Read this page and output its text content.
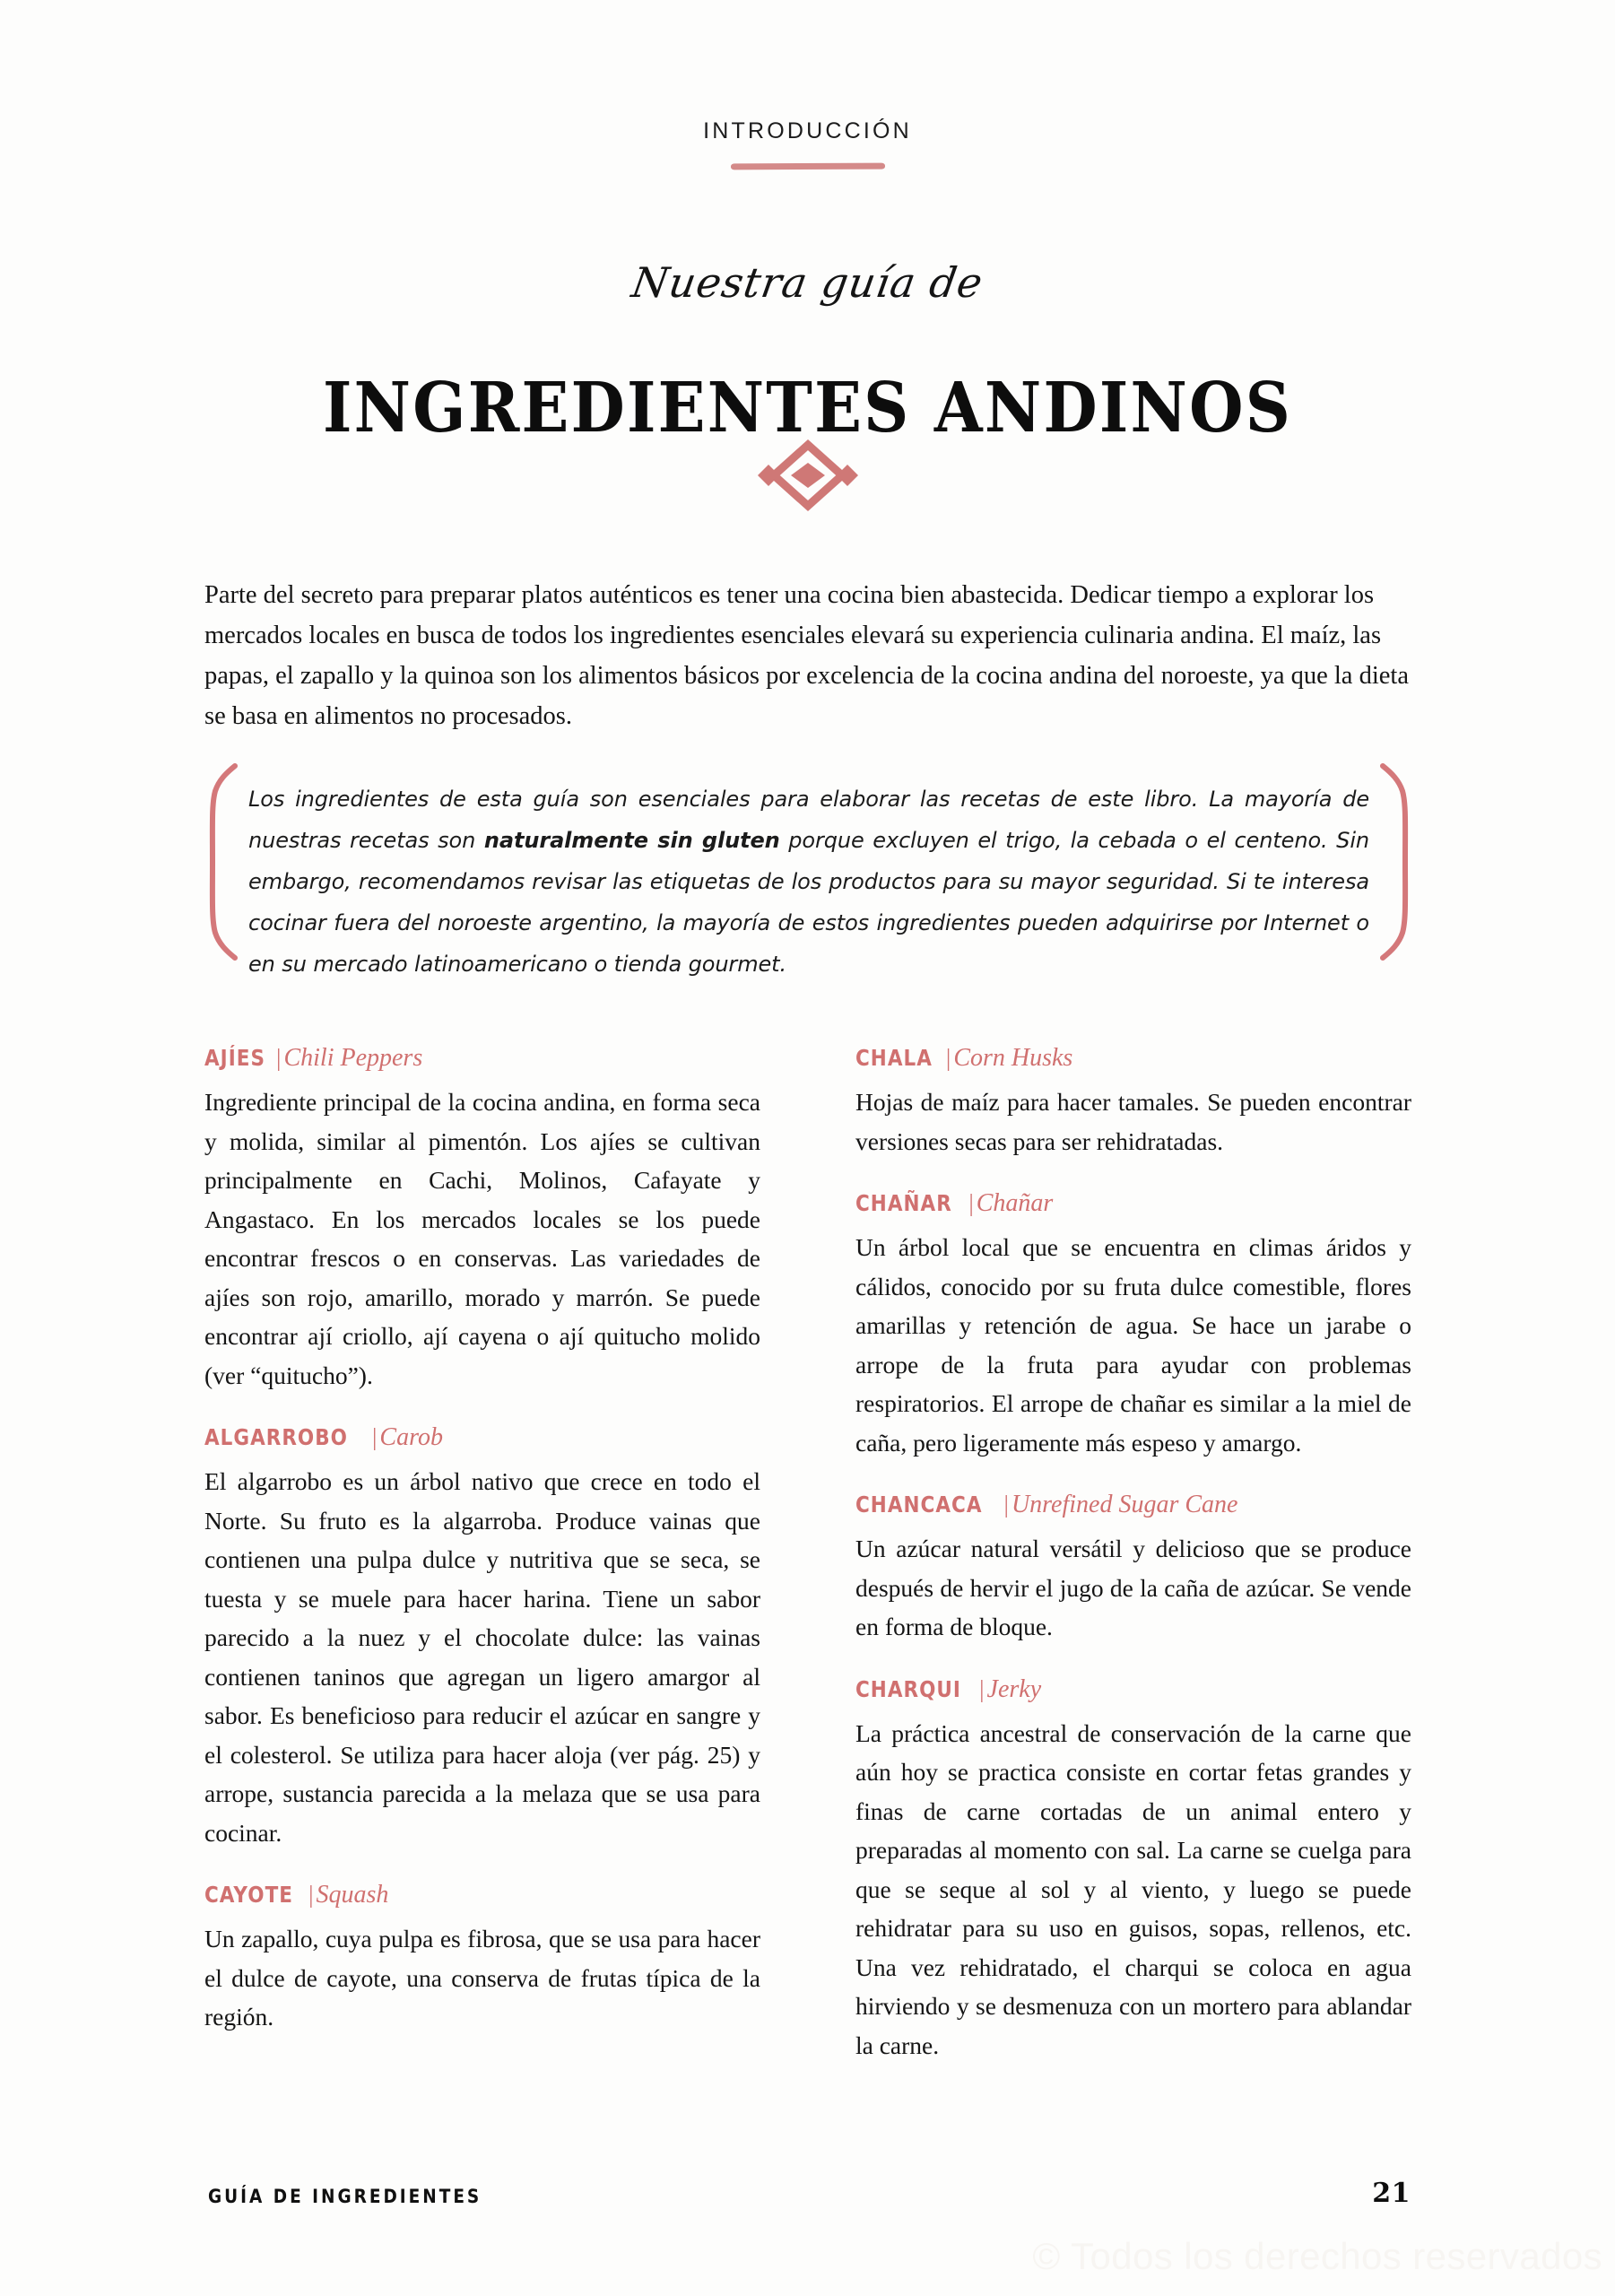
INTRODUCCIÓN
Nuestra guía de
INGREDIENTES ANDINOS

Parte del secreto para preparar platos auténticos es tener una cocina bien abastecida. Dedicar tiempo a explorar los mercados locales en busca de todos los ingredientes esenciales elevará su experiencia culinaria andina. El maíz, las papas, el zapallo y la quinoa son los alimentos básicos por excelencia de la cocina andina del noroeste, ya que la dieta se basa en alimentos no procesados.

Los ingredientes de esta guía son esenciales para elaborar las recetas de este libro. La mayoría de nuestras recetas son naturalmente sin gluten porque excluyen el trigo, la cebada o el centeno. Sin embargo, recomendamos revisar las etiquetas de los productos para su mayor seguridad. Si te interesa cocinar fuera del noroeste argentino, la mayoría de estos ingredientes pueden adquirirse por Internet o en su mercado latinoamericano o tienda gourmet.
AJÍES | Chili Peppers

Ingrediente principal de la cocina andina, en forma seca y molida, similar al pimentón. Los ajíes se cultivan principalmente en Cachi, Molinos, Cafayate y Angastaco. En los mercados locales se los puede encontrar frescos o en conservas. Las variedades de ajíes son rojo, amarillo, morado y marrón. Se puede encontrar ají criollo, ají cayena o ají quitucho molido (ver “quitucho”).

ALGARROBO | Carob

El algarrobo es un árbol nativo que crece en todo el Norte. Su fruto es la algarroba. Produce vainas que contienen una pulpa dulce y nutritiva que se seca, se tuesta y se muele para hacer harina. Tiene un sabor parecido a la nuez y el chocolate dulce: las vainas contienen taninos que agregan un ligero amargor al sabor. Es beneficioso para reducir el azúcar en sangre y el colesterol. Se utiliza para hacer aloja (ver pág. 25) y arrope, sustancia parecida a la melaza que se usa para cocinar.

CAYOTE | Squash

Un zapallo, cuya pulpa es fibrosa, que se usa para hacer el dulce de cayote, una conserva de frutas típica de la región.

CHALA | Corn Husks

Hojas de maíz para hacer tamales. Se pueden encontrar versiones secas para ser rehidratadas.

CHAÑAR | Chañar

Un árbol local que se encuentra en climas áridos y cálidos, conocido por su fruta dulce comestible, flores amarillas y retención de agua. Se hace un jarabe o arrope de la fruta para ayudar con problemas respiratorios. El arrope de chañar es similar a la miel de caña, pero ligeramente más espeso y amargo.

CHANCACA | Unrefined Sugar Cane

Un azúcar natural versátil y delicioso que se produce después de hervir el jugo de la caña de azúcar. Se vende en forma de bloque.

CHARQUI | Jerky

La práctica ancestral de conservación de la carne que aún hoy se practica consiste en cortar fetas grandes y finas de carne cortadas de un animal entero y preparadas al momento con sal. La carne se cuelga para que se seque al sol y al viento, y luego se puede rehidratar para su uso en guisos, sopas, rellenos, etc. Una vez rehidratado, el charqui se coloca en agua hirviendo y se desmenuza con un mortero para ablandar la carne.

GUÍA DE INGREDIENTES	21
© Todos los derechos reservados
